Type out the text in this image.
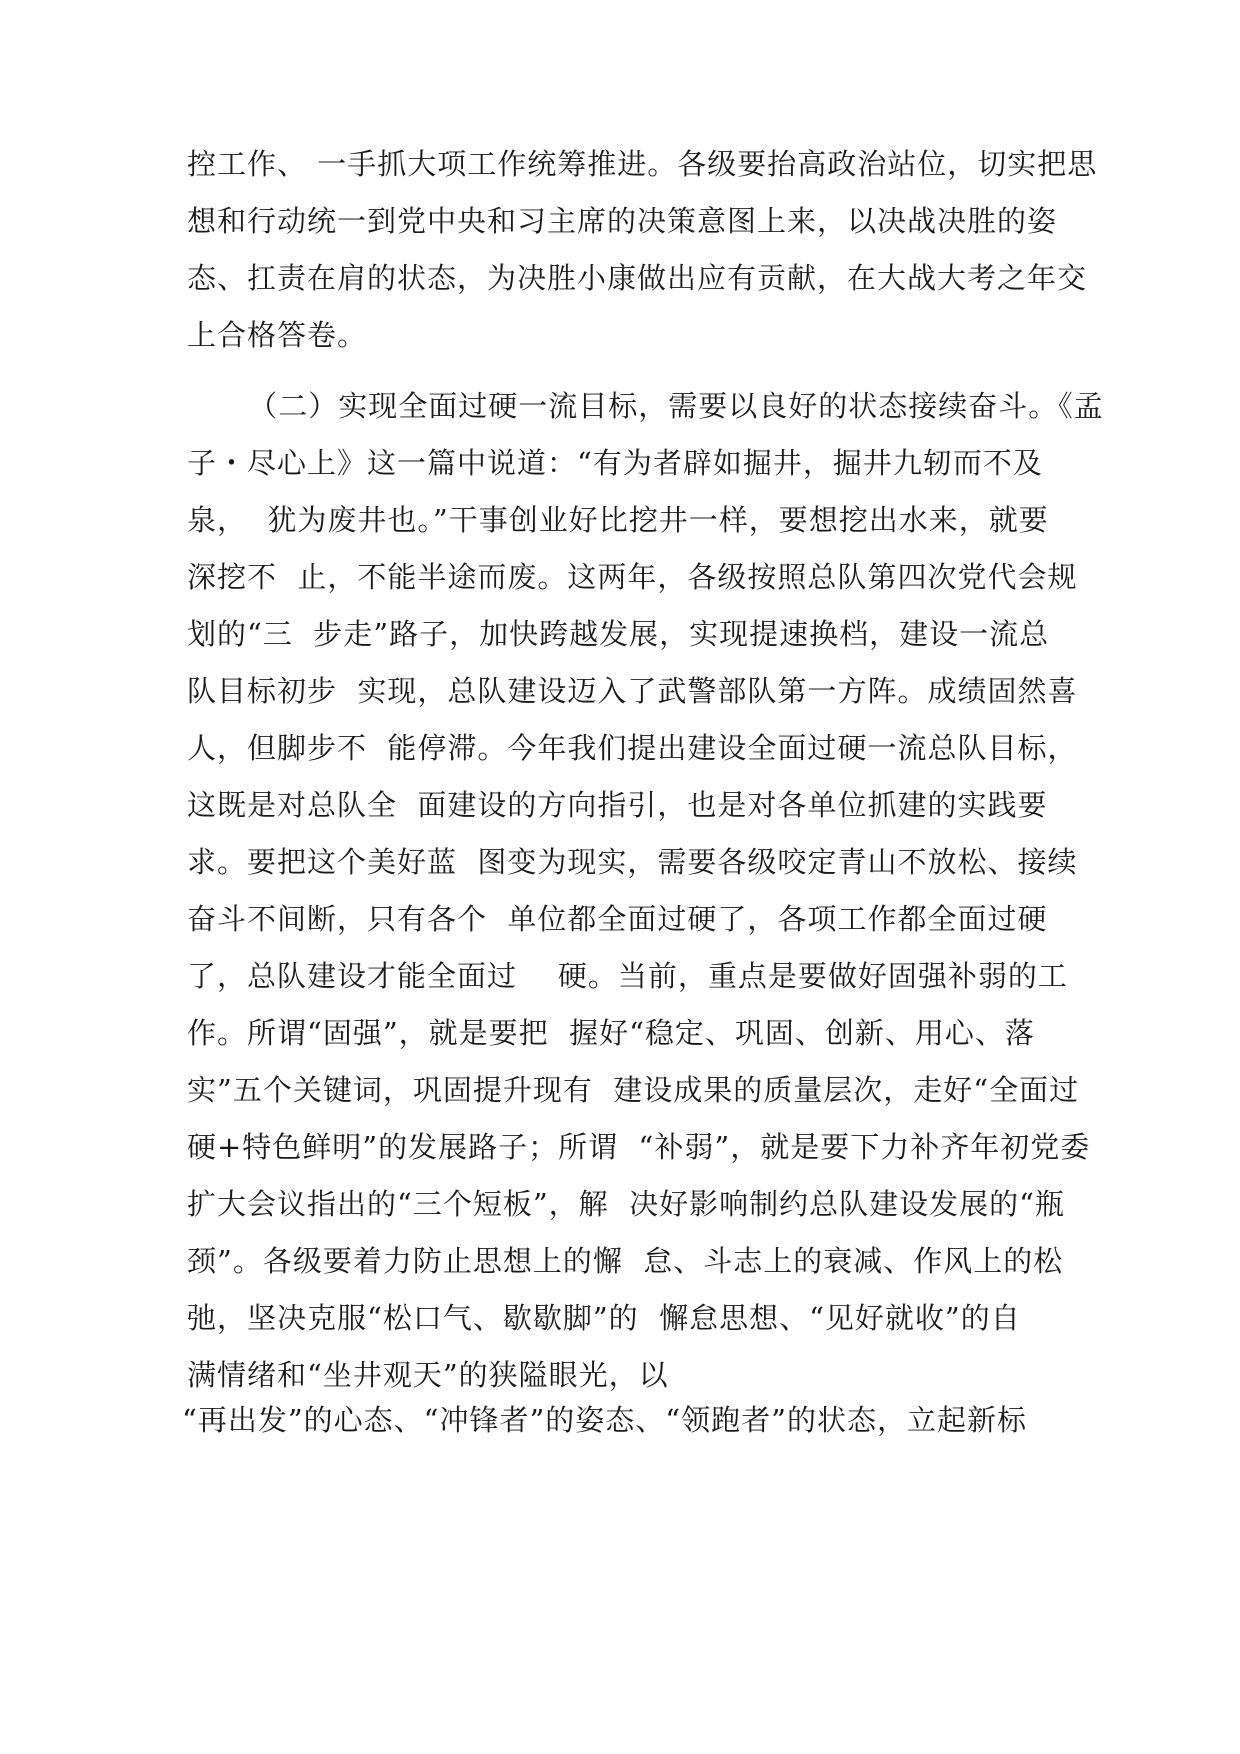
控工作、 一手抓大项工作统筹推进。各级要抬高政治站位，切实把思
想和行动统一到党中央和习主席的决策意图上来，以决战决胜的姿
态、扛责在肩的状态，为决胜小康做出应有贡献，在大战大考之年交
上合格答卷。
（二）实现全面过硬一流目标，需要以良好的状态接续奋斗。《孟
子・尽心上》这一篇中说道：“有为者辟如掘井，掘井九轫而不及
泉，  犹为废井也。”干事创业好比挖井一样，要想挖出水来，就要
深挖不  止，不能半途而废。这两年，各级按照总队第四次党代会规
划的“三  步走”路子，加快跨越发展，实现提速换档，建设一流总
队目标初步  实现，总队建设迈入了武警部队第一方阵。成绩固然喜
人，但脚步不  能停滞。今年我们提出建设全面过硬一流总队目标，
这既是对总队全  面建设的方向指引，也是对各单位抓建的实践要
求。要把这个美好蓝  图变为现实，需要各级咬定青山不放松、接续
奋斗不间断，只有各个  单位都全面过硬了，各项工作都全面过硬
了，总队建设才能全面过    硬。当前，重点是要做好固强补弱的工
作。所谓“固强”，就是要把  握好“稳定、巩固、创新、用心、落
实”五个关键词，巩固提升现有  建设成果的质量层次，走好“全面过
硬+特色鲜明”的发展路子；所谓  “补弱”，就是要下力补齐年初党委
扩大会议指出的“三个短板”，解  决好影响制约总队建设发展的“瓶
颈”。各级要着力防止思想上的懈  怠、斗志上的衰减、作风上的松
弛，坚决克服“松口气、歇歇脚”的  懈怠思想、“见好就收”的自
满情绪和“坐井观天”的狭隘眼光，以
“再出发”的心态、“冲锋者”的姿态、“领跑者”的状态，立起新标
